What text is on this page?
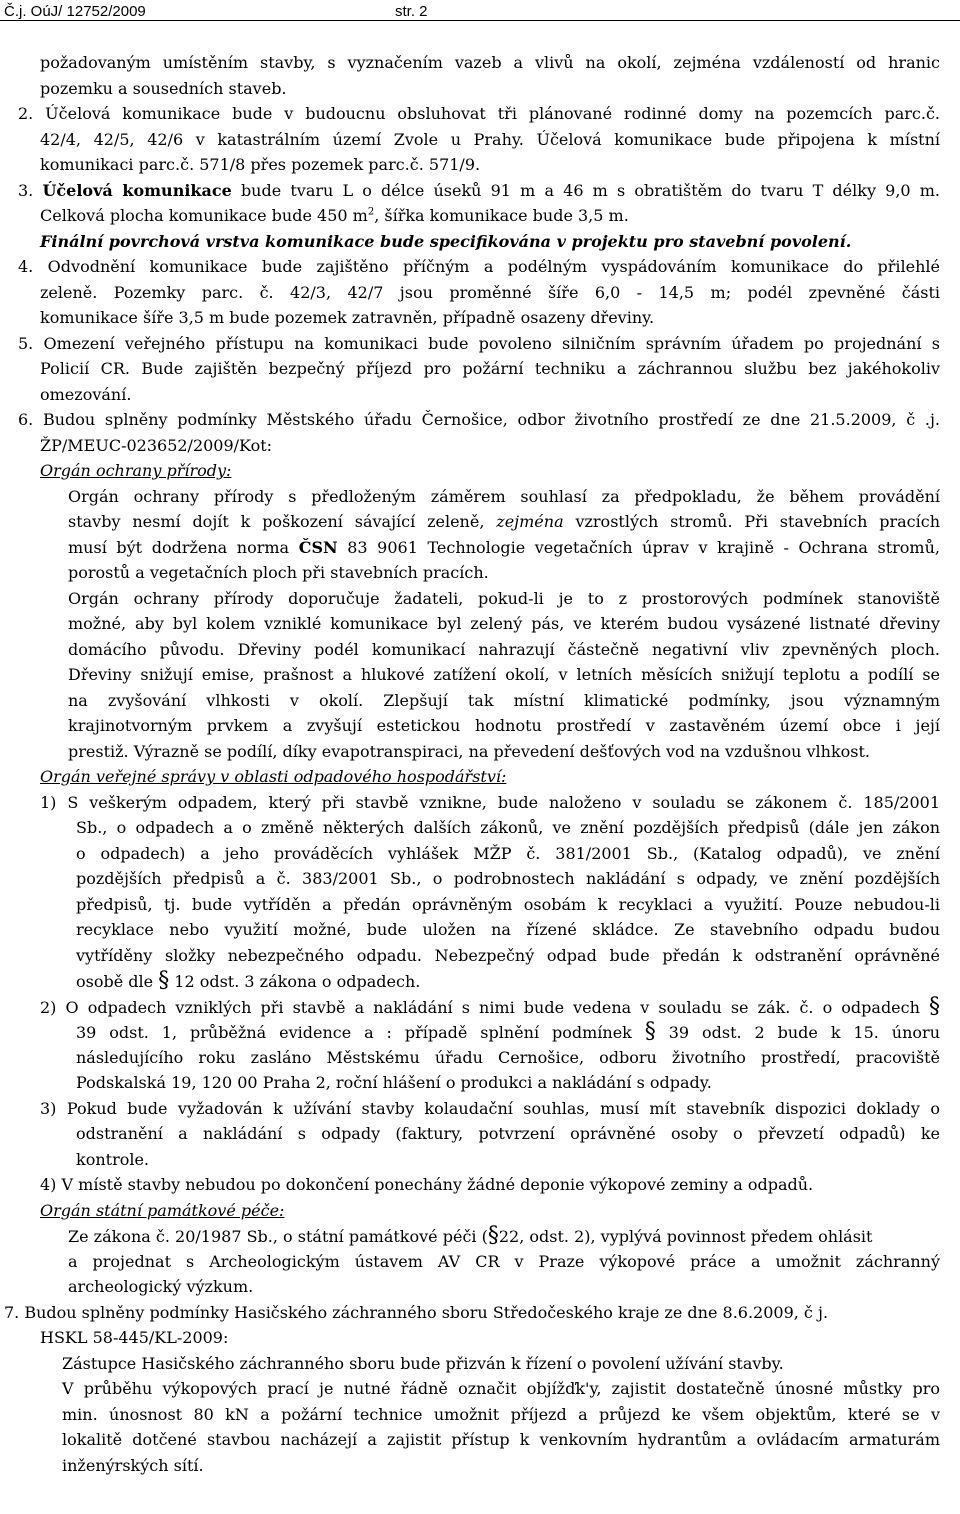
Č.j. OúJ/ 12752/2009	str. 2
požadovaným umístěním stavby, s vyznačením vazeb a vlivů na okolí, zejména vzdáleností od hranic
pozemku a sousedních staveb.
2. Účelová komunikace bude v budoucnu obsluhovat tři plánované rodinné domy na pozemcích parc.č.
42/4, 42/5, 42/6 v katastrálním území Zvole u Prahy. Účelová komunikace bude připojena k místní
komunikaci parc.č. 571/8 přes pozemek parc.č. 571/9.
3. Účelová komunikace bude tvaru L o délce úseků 91 m a 46 m s obratištěm do tvaru T délky 9,0 m.
Celková plocha komunikace bude 450 $m^2$, šířka komunikace bude 3,5 m.
Finální povrchová vrstva komunikace bude specifikována v projektu pro stavební povolení.
4. Odvodnění komunikace bude zajištěno příčným a podélným vyspádováním komunikace do přilehlé
zeleně. Pozemky parc. č. 42/3, 42/7 jsou proměnné šíře 6,0 - 14,5 m; podél zpevněné části
komunikace šíře 3,5 m bude pozemek zatravněn, případně osazeny dřeviny.
5. Omezení veřejného přístupu na komunikaci bude povoleno silničním správním úřadem po projednání s
Policií CR. Bude zajištěn bezpečný příjezd pro požární techniku a záchrannou službu bez jakéhokoliv
omezování.
6. Budou splněny podmínky Městského úřadu Černošice, odbor životního prostředí ze dne 21.5.2009, č .j.
ŽP/MEUC-023652/2009/Kot:
Orgán ochrany přírody:
Orgán ochrany přírody s předloženým záměrem souhlasí za předpokladu, že během provádění
stavby nesmí dojít k poškození sávající zeleně, zejména vzrostlých stromů. Při stavebních pracích
musí být dodržena norma ČSN 83 9061 Technologie vegetačních úprav v krajině - Ochrana stromů,
porostů a vegetačních ploch při stavebních pracích.
Orgán ochrany přírody doporučuje žadateli, pokud-li je to z prostorových podmínek stanoviště
možné, aby byl kolem vzniklé komunikace byl zelený pás, ve kterém budou vysázené listnaté dřeviny
domácího původu. Dřeviny podél komunikací nahrazují částečně negativní vliv zpevněných ploch.
Dřeviny snižují emise, prašnost a hlukové zatížení okolí, v letních měsících snižují teplotu a podílí se
na zvyšování vlhkosti v okolí. Zlepšují tak místní klimatické podmínky, jsou významným
krajinotvorným prvkem a zvyšují estetickou hodnotu prostředí v zastavěném území obce i její
prestiž. Výrazně se podílí, díky evapotranspiraci, na převedení dešťových vod na vzdušnou vlhkost.
Orgán veřejné správy v oblasti odpadového hospodářství:
1) S veškerým odpadem, který při stavbě vznikne, bude naloženo v souladu se zákonem č. 185/2001
Sb., o odpadech a o změně některých dalších zákonů, ve znění pozdějších předpisů (dále jen zákon
o odpadech) a jeho prováděcích vyhlášek MŽP č. 381/2001 Sb., (Katalog odpadů), ve znění
pozdějších předpisů a č. 383/2001 Sb., o podrobnostech nakládání s odpady, ve znění pozdějších
předpisů, tj. bude vytříděn a předán oprávněným osobám k recyklaci a využití. Pouze nebudou-li
recyklace nebo využití možné, bude uložen na řízené skládce. Ze stavebního odpadu budou
vytříděny složky nebezpečného odpadu. Nebezpečný odpad bude předán k odstranění oprávněné
osobě dle § 12 odst. 3 zákona o odpadech.
2) O odpadech vzniklých při stavbě a nakládání s nimi bude vedena v souladu se zák. č. o odpadech §
39 odst. 1, průběžná evidence a : případě splnění podmínek § 39 odst. 2 bude k 15. únoru
následujícího roku zasláno Městskému úřadu Cernošice, odboru životního prostředí, pracoviště
Podskalská 19, 120 00 Praha 2, roční hlášení o produkci a nakládání s odpady.
3) Pokud bude vyžadován k užívání stavby kolaudační souhlas, musí mít stavebník dispozici doklady o
odstranění a nakládání s odpady (faktury, potvrzení oprávněné osoby o převzetí odpadů) ke
kontrole.
4) V místě stavby nebudou po dokončení ponechány žádné deponie výkopové zeminy a odpadů.
Orgán státní památkové péče:
Ze zákona č. 20/1987 Sb., o státní památkové péči (§22, odst. 2), vyplývá povinnost předem ohlásit
a projednat s Archeologickým ústavem AV CR v Praze výkopové práce a umožnit záchranný
archeologický výzkum.
7. Budou splněny podmínky Hasičského záchranného sboru Středočeského kraje ze dne 8.6.2009, č j.
HSKL 58-445/KL-2009:
Zástupce Hasičského záchranného sboru bude přizván k řízení o povolení užívání stavby.
V průběhu výkopových prací je nutné řádně označit objížďk'y, zajistit dostatečně únosné můstky pro
min. únosnost 80 kN a požární technice umožnit příjezd a průjezd ke všem objektům, které se v
lokalitě dotčené stavbou nacházejí a zajistit přístup k venkovním hydrantům a ovládacím armaturám
inženýrských sítí.
